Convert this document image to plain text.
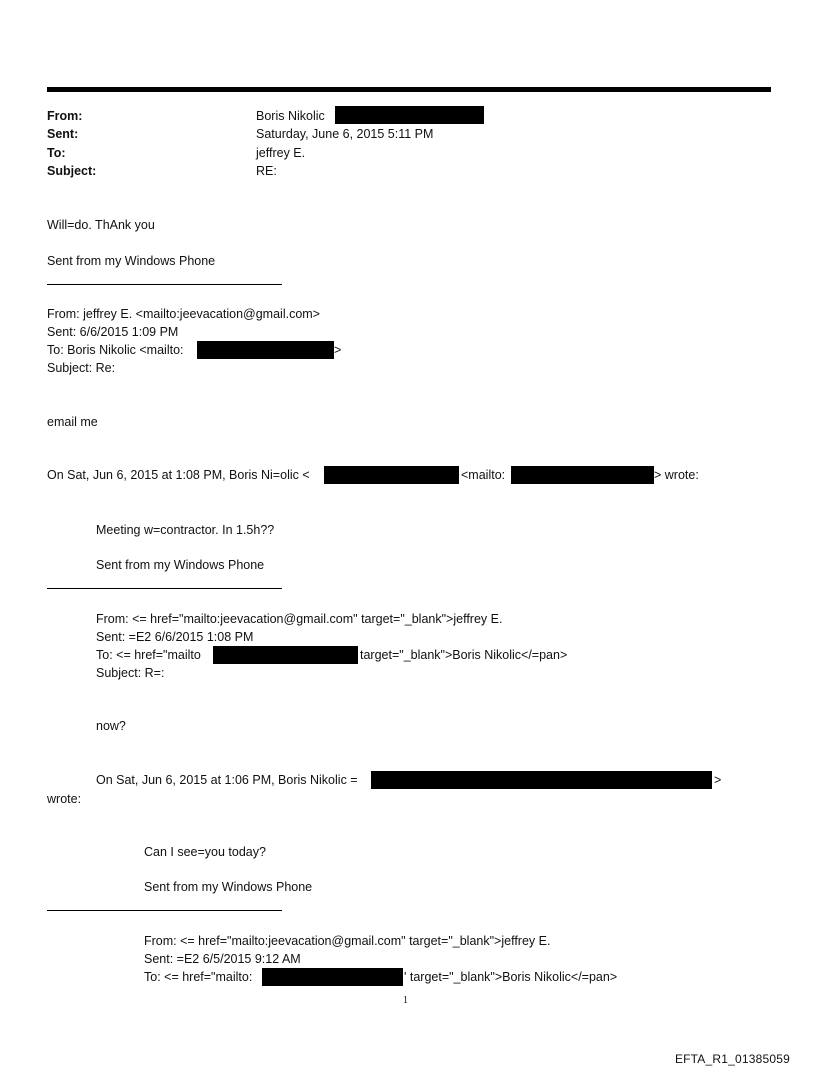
From:	Boris Nikolic
Sent:	Saturday, June 6, 2015 5:11 PM
To:	jeffrey E.
Subject:	RE:
Will=do. ThAnk you
Sent from my Windows Phone
From: jeffrey E. <mailto:jeevacation@gmail.com>
Sent: 6/6/2015 1:09 PM
To: Boris Nikolic <mailto:	>
Subject: Re:
email me
On Sat, Jun 6, 2015 at 1:08 PM, Boris Ni=olic <	<mailto:	> wrote:
Meeting w=contractor. In 1.5h??
Sent from my Windows Phone
From: <= href="mailto:jeevacation@gmail.com" target="_blank">jeffrey E.
Sent: =E2 6/6/2015 1:08 PM
To: <= href="mailto	target="_blank">Boris Nikolic</=pan>
Subject: R=:
now?
On Sat, Jun 6, 2015 at 1:06 PM, Boris Nikolic =	>
wrote:
Can I see=you today?
Sent from my Windows Phone
From: <= href="mailto:jeevacation@gmail.com" target="_blank">jeffrey E.
Sent: =E2 6/5/2015 9:12 AM
To: <= href="mailto:	' target="_blank">Boris Nikolic</=pan>
1
EFTA_R1_01385059
